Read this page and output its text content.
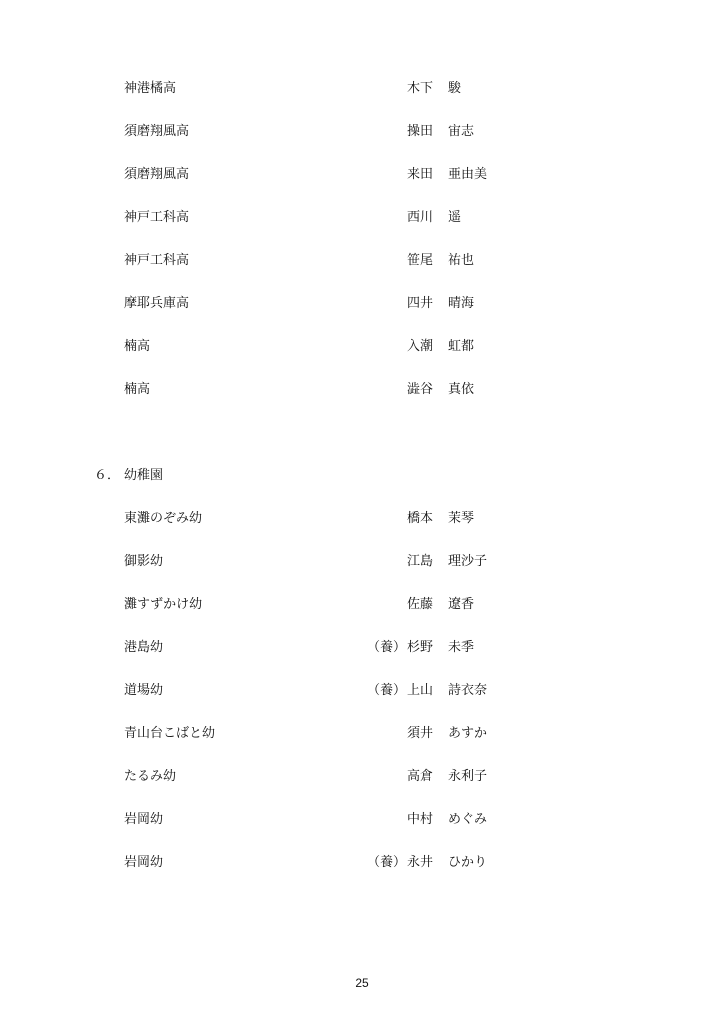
神港橘高	木下 駿
須磨翔風高	操田 宙志
須磨翔風高	来田 亜由美
神戸工科高	西川 遥
神戸工科高	笹尾 祐也
摩耶兵庫高	四井 晴海
楠高	入潮 虹都
楠高	澁谷 真依
６． 幼稚園
東灘のぞみ幼	橋本 茉琴
御影幼	江島 理沙子
灘すずかけ幼	佐藤 遼香
港島幼	（養） 杉野 未季
道場幼	（養） 上山 詩衣奈
青山台こばと幼	須井 あすか
たるみ幼	高倉 永利子
岩岡幼	中村 めぐみ
岩岡幼	（養） 永井 ひかり
25
